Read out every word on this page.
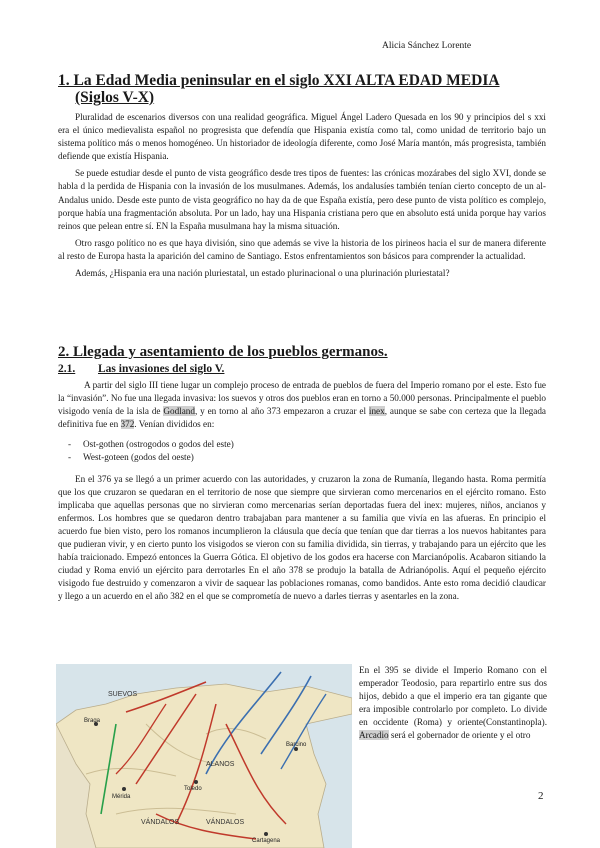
Alicia Sánchez Lorente
1. La Edad Media peninsular en el siglo XXI ALTA EDAD MEDIA
(Siglos V-X)

Pluralidad de escenarios diversos con una realidad geográfica. Miguel Ángel Ladero Quesada en los 90 y principios del s xxi era el único medievalista español no progresista que defendía que Hispania existía como tal, como unidad de territorio bajo un sistema político más o menos homogéneo. Un historiador de ideología diferente, como José María mantón, más progresista, también defiende que existía Hispania.

Se puede estudiar desde el punto de vista geográfico desde tres tipos de fuentes: las crónicas mozárabes del siglo XVI, donde se habla d la perdida de Hispania con la invasión de los musulmanes. Además, los andalusíes también tenían cierto concepto de un al-Andalus unido. Desde este punto de vista geográfico no hay da de que España existía, pero dese punto de vista político es complejo, porque había una fragmentación absoluta. Por un lado, hay una Hispania cristiana pero que en absoluto está unida porque hay varios reinos que pelean entre sí. EN la España musulmana hay la misma situación.

Otro rasgo político no es que haya división, sino que además se vive la historia de los pirineos hacia el sur de manera diferente al resto de Europa hasta la aparición del camino de Santiago. Estos enfrentamientos son básicos para comprender la actualidad.

Además, ¿Hispania era una nación pluriestatal, un estado plurinacional o una plurinación pluriestatal?

2. Llegada y asentamiento de los pueblos germanos.
2.1. Las invasiones del siglo V.

A partir del siglo III tiene lugar un complejo proceso de entrada de pueblos de fuera del Imperio romano por el este. Esto fue la “invasión”. No fue una llegada invasiva: los suevos y otros dos pueblos eran en torno a 50.000 personas. Principalmente el pueblo visigodo venía de la isla de Godland, y en torno al año 373 empezaron a cruzar el inex, aunque se sabe con certeza que la llegada definitiva fue en 372. Venían divididos en:

- Ost-gothen (ostrogodos o godos del este)
- West-goteen (godos del oeste)

En el 376 ya se llegó a un primer acuerdo con las autoridades, y cruzaron la zona de Rumanía, llegando hasta. Roma permitía que los que cruzaron se quedaran en el territorio de nose que siempre que sirvieran como mercenarios en el ejército romano. Esto implicaba que aquellas personas que no sirvieran como mercenarias serían deportadas fuera del inex: mujeres, niños, ancianos y enfermos. Los hombres que se quedaron dentro trabajaban para mantener a su familia que vivía en las afueras. En principio el acuerdo fue bien visto, pero los romanos incumplieron la cláusula que decía que tenían que dar tierras a los nuevos habitantes para que pudieran vivir, y en cierto punto los visigodos se vieron con su familia dividida, sin tierras, y trabajando para un ejército que les había traicionado. Empezó entonces la Guerra Gótica. El objetivo de los godos era hacerse con Marcianópolis. Acabaron sitiando la ciudad y Roma envió un ejército para derrotarles En el año 378 se produjo la batalla de Adrianópolis. Aquí el pequeño ejército visigodo fue destruido y comenzaron a vivir de saquear las poblaciones romanas, como bandidos. Ante esto roma decidió claudicar y llego a un acuerdo en el año 382 en el que se comprometía de nuevo a darles tierras y asentarles en la zona.

SUEVOS
ALANOS
VÁNDALOS	VÁNDALOS
Mérida
Toledo
Barcino
Braga
Cartagena
En el 395 se divide el Imperio Romano con el emperador Teodosio, para repartirlo entre sus dos hijos, debido a que el imperio era tan gigante que era imposible controlarlo por completo. Lo divide en occidente (Roma) y oriente(Constantinopla). Arcadio será el gobernador de oriente y el otro
2
